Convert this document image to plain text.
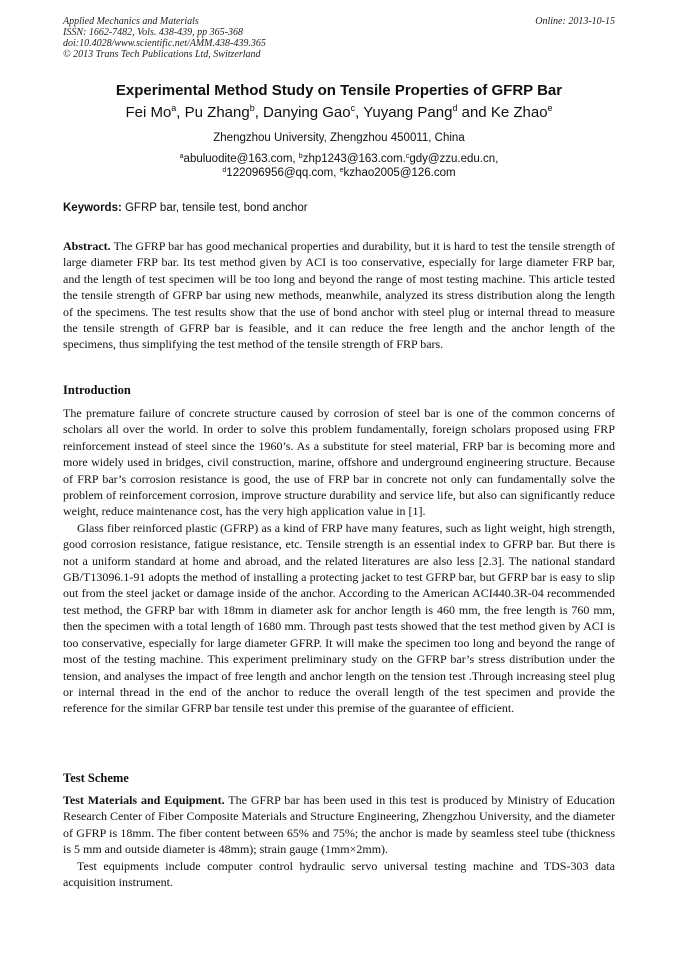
Applied Mechanics and Materials
ISSN: 1662-7482, Vols. 438-439, pp 365-368
doi:10.4028/www.scientific.net/AMM.438-439.365
© 2013 Trans Tech Publications Ltd, Switzerland
Online: 2013-10-15
Experimental Method Study on Tensile Properties of GFRP Bar
Fei Mo$^a$, Pu Zhang$^b$, Danying Gao$^c$, Yuyang Pang$^d$ and Ke Zhao$^e$
Zhengzhou University, Zhengzhou 450011, China
$^a$abuluodite@163.com, $^b$zhp1243@163.com.$^c$gdy@zzu.edu.cn,
$^d$122096956@qq.com, $^e$kzhao2005@126.com
Keywords: GFRP bar, tensile test, bond anchor

Abstract. The GFRP bar has good mechanical properties and durability, but it is hard to test the tensile strength of large diameter FRP bar. Its test method given by ACI is too conservative, especially for large diameter FRP bar, and the length of test specimen will be too long and beyond the range of most testing machine. This article tested the tensile strength of GFRP bar using new methods, meanwhile, analyzed its stress distribution along the length of the specimens. The test results show that the use of bond anchor with steel plug or internal thread to measure the tensile strength of GFRP bar is feasible, and it can reduce the free length and the anchor length of the specimens, thus simplifying the test method of the tensile strength of FRP bars.

Introduction

The premature failure of concrete structure caused by corrosion of steel bar is one of the common concerns of scholars all over the world. In order to solve this problem fundamentally, foreign scholars proposed using FRP reinforcement instead of steel since the 1960’s. As a substitute for steel material, FRP bar is becoming more and more widely used in bridges, civil construction, marine, offshore and underground engineering structure. Because of FRP bar’s corrosion resistance is good, the use of FRP bar in concrete not only can fundamentally solve the problem of reinforcement corrosion, improve structure durability and service life, but also can significantly reduce weight, reduce maintenance cost, has the very high application value in [1].

Glass fiber reinforced plastic (GFRP) as a kind of FRP have many features, such as light weight, high strength, good corrosion resistance, fatigue resistance, etc. Tensile strength is an essential index to GFRP bar. But there is not a uniform standard at home and abroad, and the related literatures are also less [2.3]. The national standard GB/T13096.1-91 adopts the method of installing a protecting jacket to test GFRP bar, but GFRP bar is easy to slip out from the steel jacket or damage inside of the anchor. According to the American ACI440.3R-04 recommended test method, the GFRP bar with 18mm in diameter ask for anchor length is 460 mm, the free length is 760 mm, then the specimen with a total length of 1680 mm. Through past tests showed that the test method given by ACI is too conservative, especially for large diameter GFRP. It will make the specimen too long and beyond the range of most of the testing machine. This experiment preliminary study on the GFRP bar’s stress distribution under the tension, and analyses the impact of free length and anchor length on the tension test .Through increasing steel plug or internal thread in the end of the anchor to reduce the overall length of the test specimen and provide the reference for the similar GFRP bar tensile test under this premise of the guarantee of efficient.

Test Scheme

Test Materials and Equipment. The GFRP bar has been used in this test is produced by Ministry of Education Research Center of Fiber Composite Materials and Structure Engineering, Zhengzhou University, and the diameter of GFRP is 18mm. The fiber content between 65% and 75%; the anchor is made by seamless steel tube (thickness is 5 mm and outside diameter is 48mm); strain gauge (1mm×2mm).

Test equipments include computer control hydraulic servo universal testing machine and TDS-303 data acquisition instrument.
